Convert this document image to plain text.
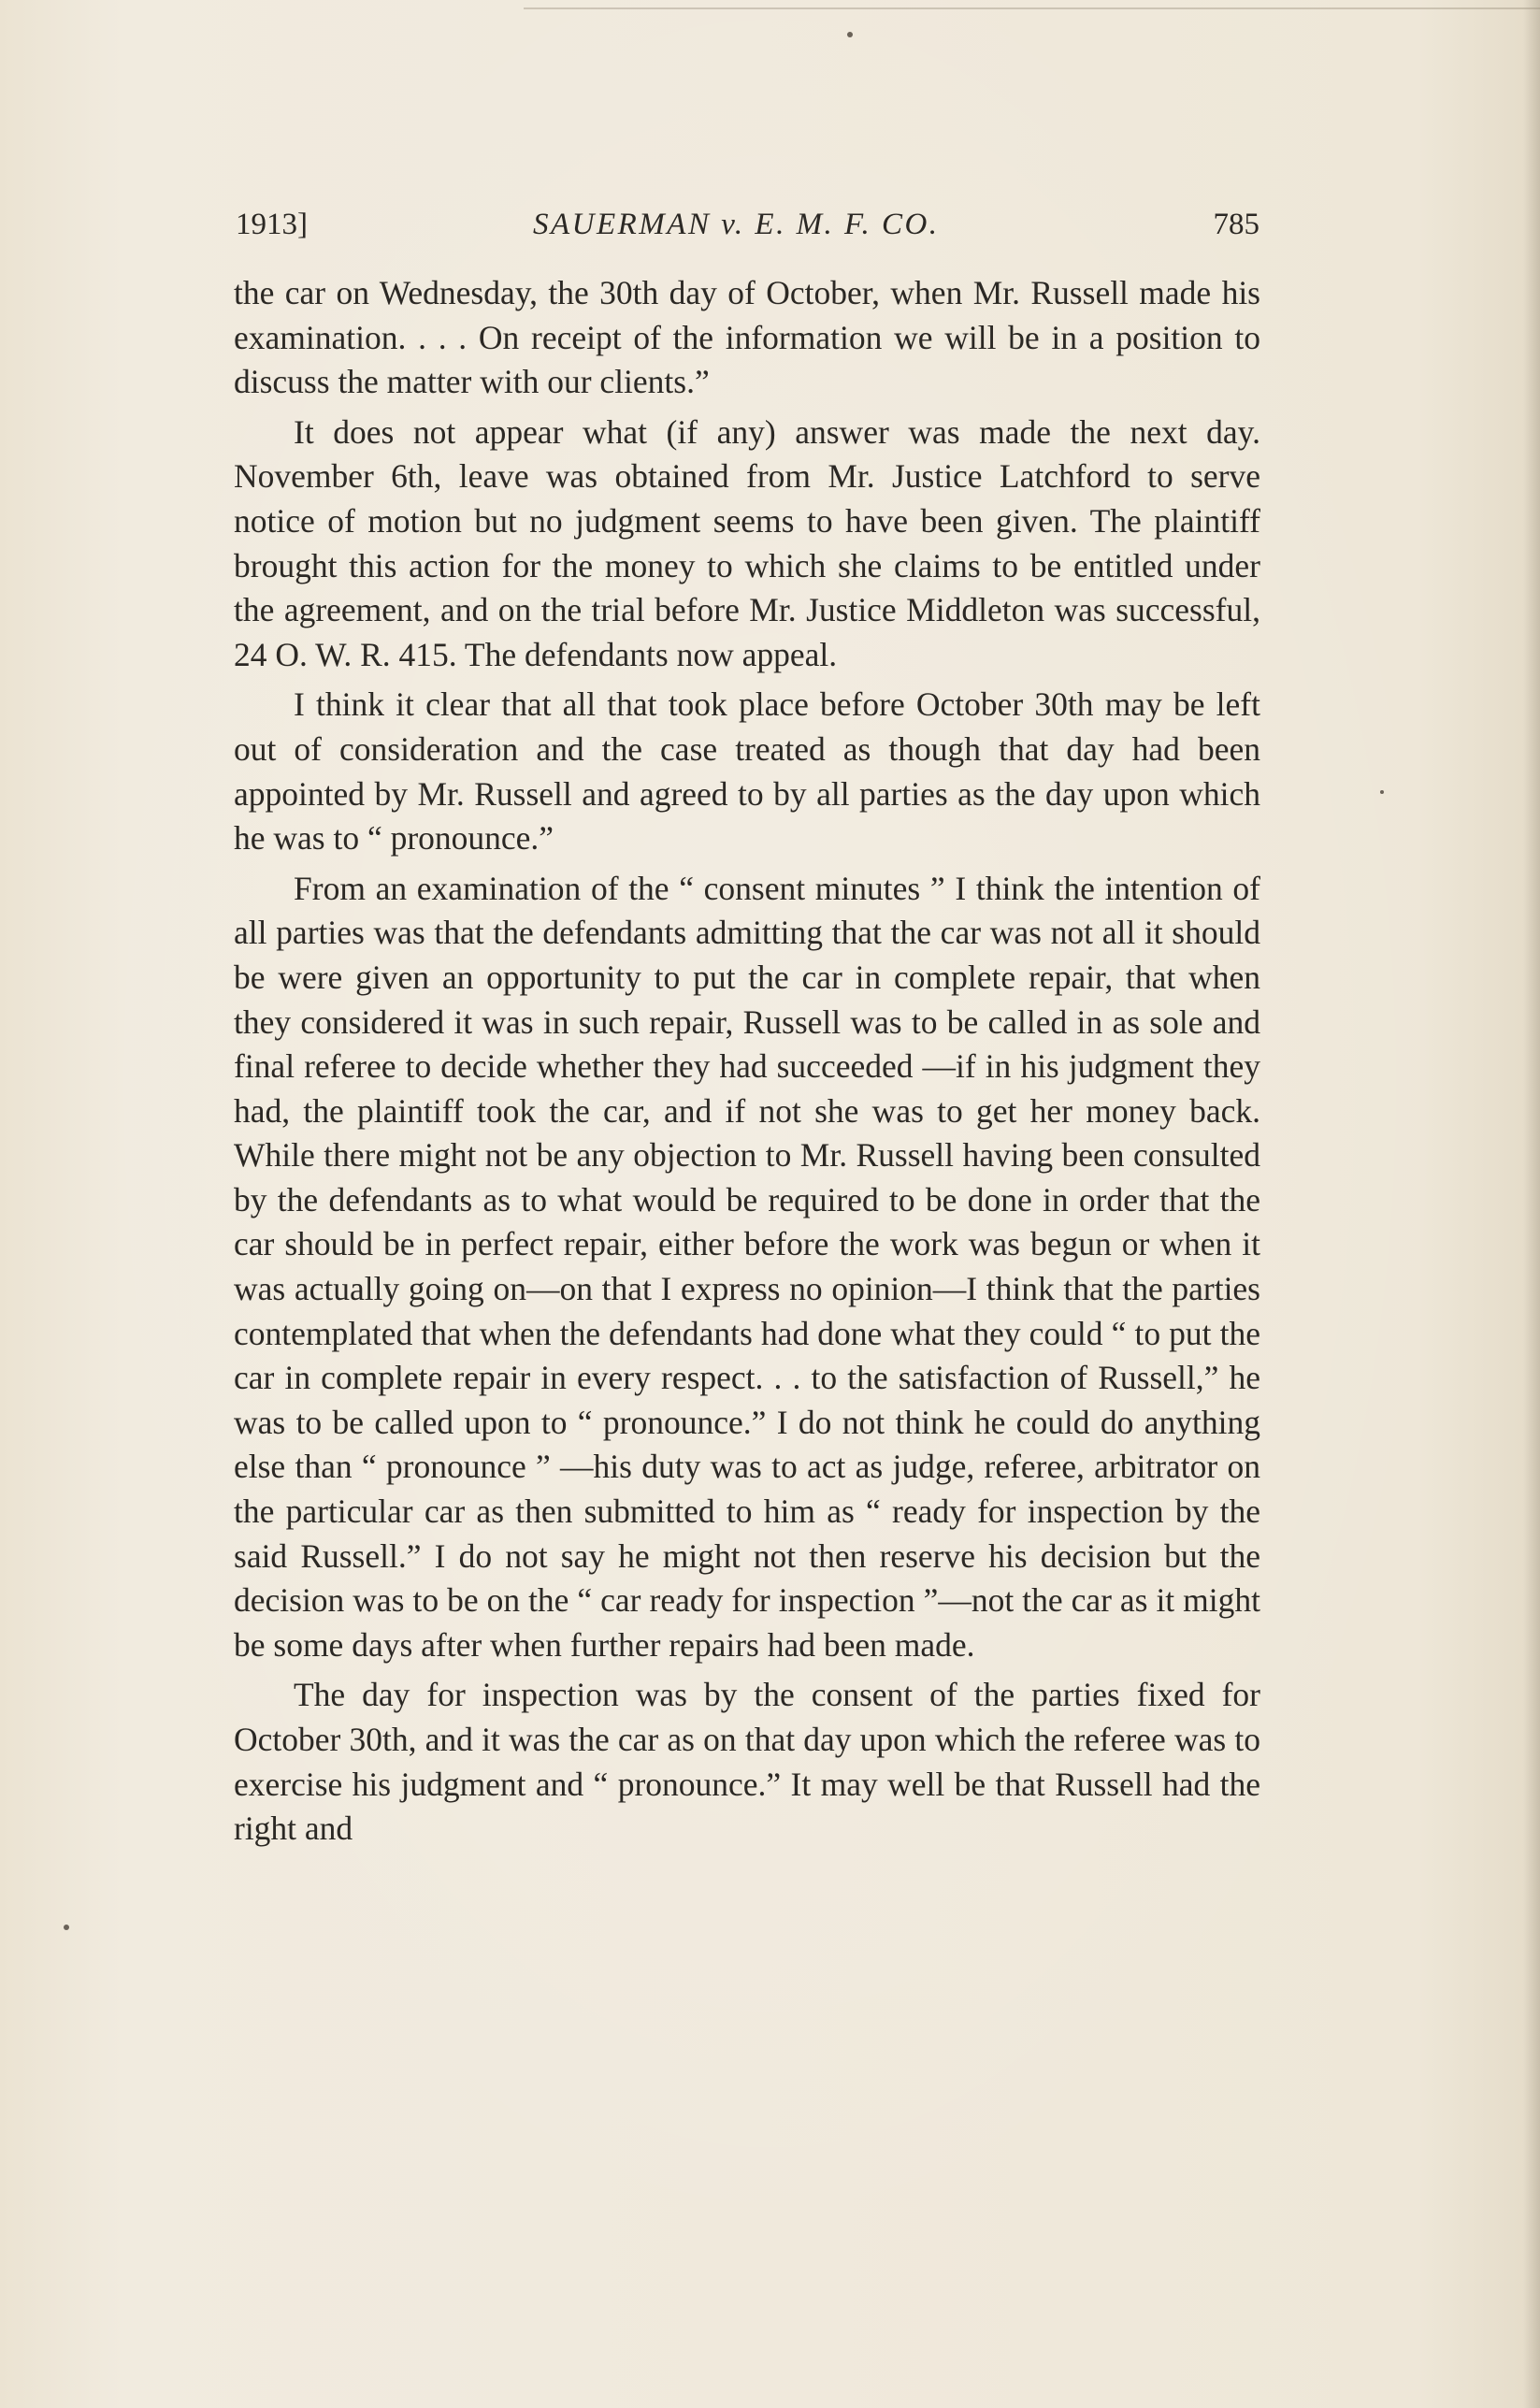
1913]	SAUERMAN v. E. M. F. CO.	785

the car on Wednesday, the 30th day of October, when Mr. Russell made his examination. . . . On receipt of the information we will be in a position to discuss the matter with our clients.”

It does not appear what (if any) answer was made the next day. November 6th, leave was obtained from Mr. Justice Latchford to serve notice of motion but no judgment seems to have been given. The plaintiff brought this action for the money to which she claims to be entitled under the agreement, and on the trial before Mr. Justice Middleton was successful, 24 O. W. R. 415. The defendants now appeal.

I think it clear that all that took place before October 30th may be left out of consideration and the case treated as though that day had been appointed by Mr. Russell and agreed to by all parties as the day upon which he was to “ pronounce.”

From an examination of the “ consent minutes ” I think the intention of all parties was that the defendants admitting that the car was not all it should be were given an opportunity to put the car in complete repair, that when they considered it was in such repair, Russell was to be called in as sole and final referee to decide whether they had succeeded —if in his judgment they had, the plaintiff took the car, and if not she was to get her money back. While there might not be any objection to Mr. Russell having been consulted by the defendants as to what would be required to be done in order that the car should be in perfect repair, either before the work was begun or when it was actually going on—on that I express no opinion—I think that the parties contemplated that when the defendants had done what they could “ to put the car in complete repair in every respect. . . to the satisfaction of Russell,” he was to be called upon to “ pronounce.” I do not think he could do anything else than “ pronounce ” —his duty was to act as judge, referee, arbitrator on the particular car as then submitted to him as “ ready for inspection by the said Russell.” I do not say he might not then reserve his decision but the decision was to be on the “ car ready for inspection ”—not the car as it might be some days after when further repairs had been made.

The day for inspection was by the consent of the parties fixed for October 30th, and it was the car as on that day upon which the referee was to exercise his judgment and “ pronounce.” It may well be that Russell had the right and
